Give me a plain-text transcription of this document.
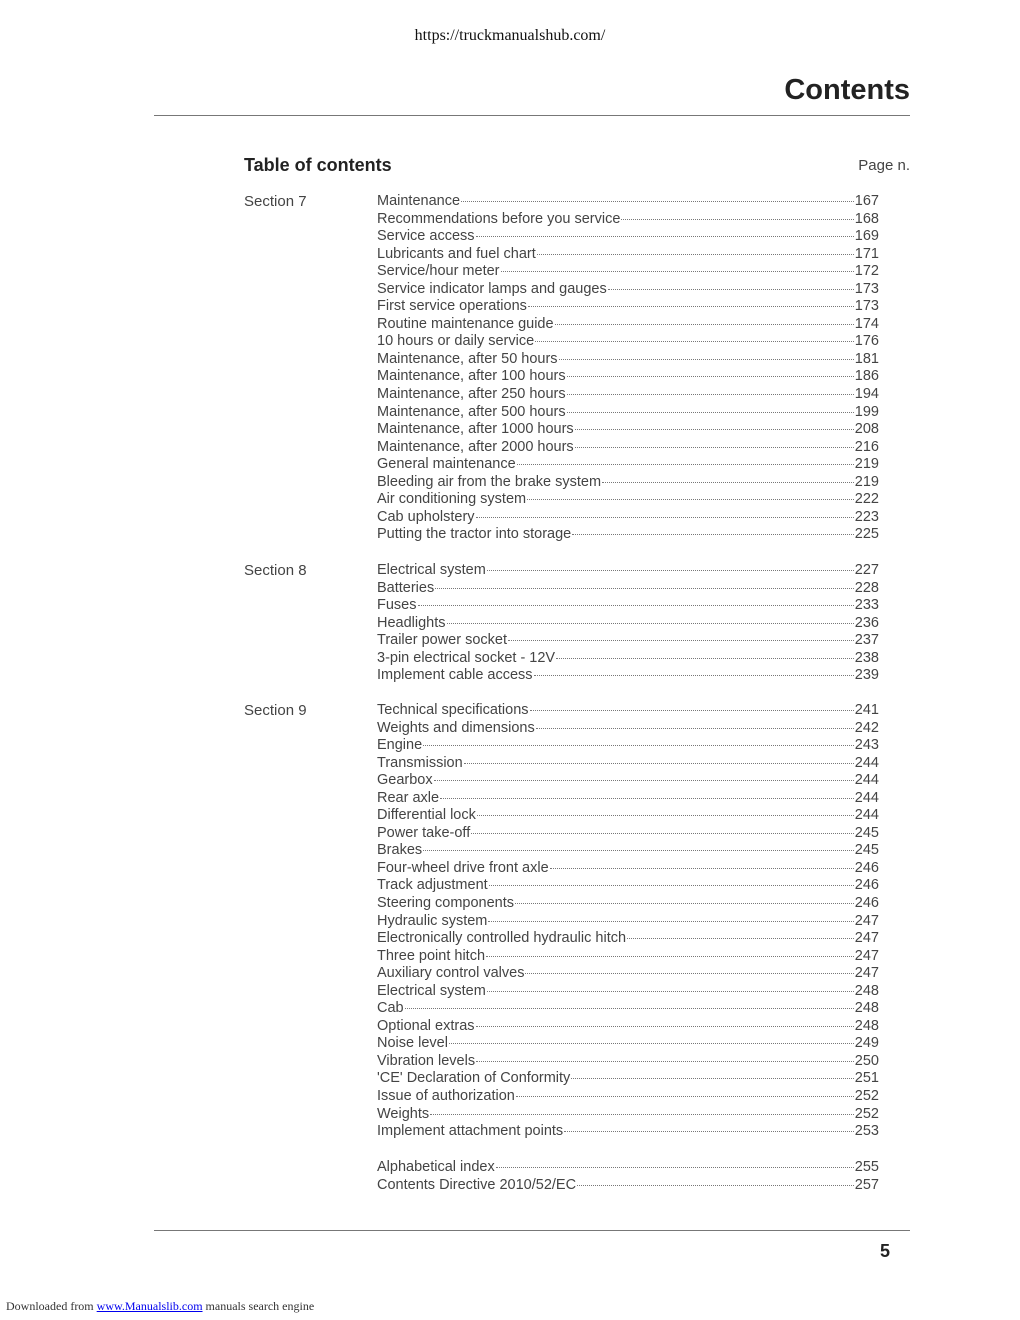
https://truckmanualshub.com/
Contents
Table of contents	Page n.
Section 7	Maintenance	167
Recommendations before you service	168
Service access	169
Lubricants and fuel chart	171
Service/hour meter	172
Service indicator lamps and gauges	173
First service operations	173
Routine maintenance guide	174
10 hours or daily service	176
Maintenance, after 50 hours	181
Maintenance, after 100 hours	186
Maintenance, after 250 hours	194
Maintenance, after 500 hours	199
Maintenance, after 1000 hours	208
Maintenance, after 2000 hours	216
General maintenance	219
Bleeding air from the brake system	219
Air conditioning system	222
Cab upholstery	223
Putting the tractor into storage	225
Section 8	Electrical system	227
Batteries	228
Fuses	233
Headlights	236
Trailer power socket	237
3-pin electrical socket - 12V	238
Implement cable access	239
Section 9	Technical specifications	241
Weights and dimensions	242
Engine	243
Transmission	244
Gearbox	244
Rear axle	244
Differential lock	244
Power take-off	245
Brakes	245
Four-wheel drive front axle	246
Track adjustment	246
Steering components	246
Hydraulic system	247
Electronically controlled hydraulic hitch	247
Three point hitch	247
Auxiliary control valves	247
Electrical system	248
Cab	248
Optional extras	248
Noise level	249
Vibration levels	250
'CE' Declaration of Conformity	251
Issue of authorization	252
Weights	252
Implement attachment points	253
Alphabetical index	255
Contents Directive 2010/52/EC	257
5
Downloaded from www.Manualslib.com manuals search engine
